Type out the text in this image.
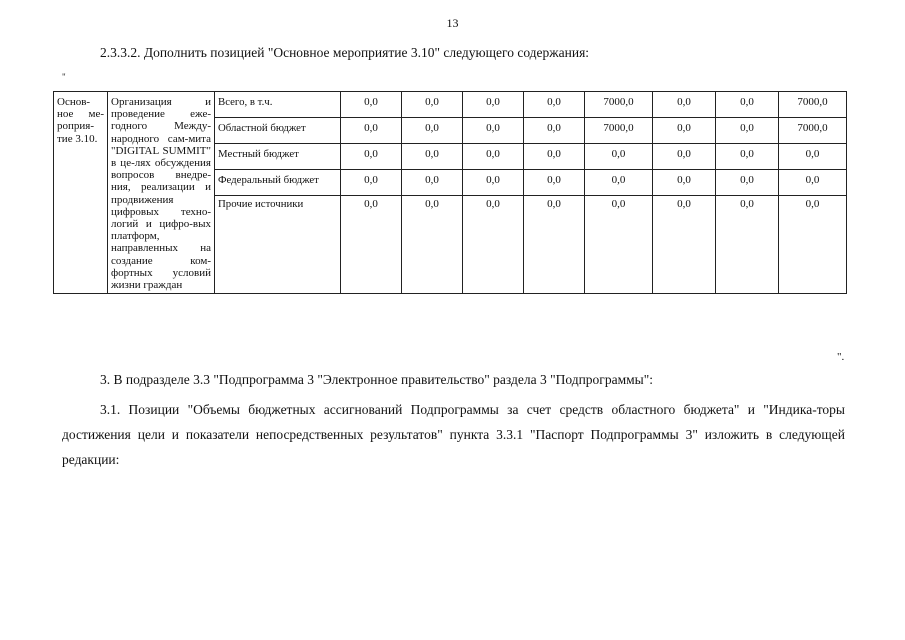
13
2.3.3.2. Дополнить позицией "Основное мероприятие 3.10" следующего содержания:
"
Основ-ное ме-роприя-тие 3.10.	Организация и проведение еже-годного Между-народного сам-мита "DIGITAL SUMMIT" в це-лях обсуждения вопросов внедре-ния, реализации и продвижения цифровых техно-логий и цифро-вых платформ, направленных на создание ком-фортных условий жизни граждан	Всего, в т.ч.	0,0	0,0	0,0	0,0	7000,0	0,0	0,0	7000,0
		Областной бюджет	0,0	0,0	0,0	0,0	7000,0	0,0	0,0	7000,0
		Местный бюджет	0,0	0,0	0,0	0,0	0,0	0,0	0,0	0,0
		Федеральный бюджет	0,0	0,0	0,0	0,0	0,0	0,0	0,0	0,0
		Прочие источники	0,0	0,0	0,0	0,0	0,0	0,0	0,0	0,0
".
3. В подразделе 3.3 "Подпрограмма 3 "Электронное правительство" раздела 3 "Подпрограммы":

3.1. Позиции "Объемы бюджетных ассигнований Подпрограммы за счет средств областного бюджета" и "Индика-торы достижения цели и показатели непосредственных результатов" пункта 3.3.1 "Паспорт Подпрограммы 3" изложить в следующей редакции:
